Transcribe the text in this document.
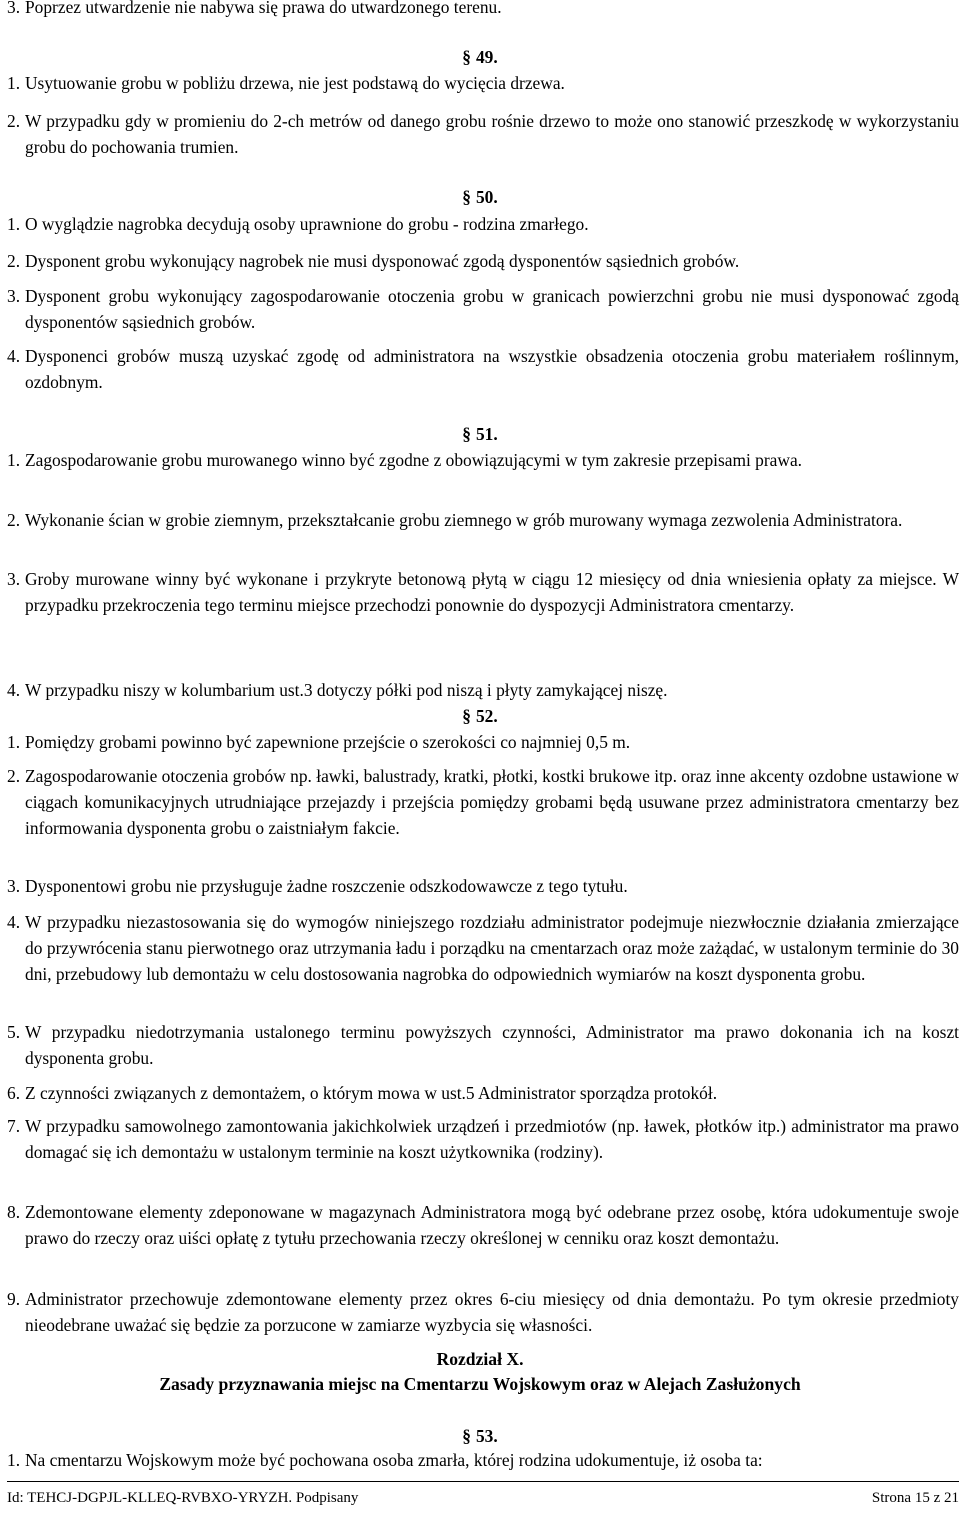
3. Poprzez utwardzenie nie nabywa się prawa do utwardzonego terenu.
§ 49.
1. Usytuowanie grobu w pobliżu drzewa, nie jest podstawą do wycięcia drzewa.
2. W przypadku gdy w promieniu do 2-ch metrów od danego grobu rośnie drzewo to może ono stanowić przeszkodę w wykorzystaniu grobu do pochowania trumien.
§ 50.
1. O wyglądzie nagrobka decydują osoby uprawnione do grobu - rodzina zmarłego.
2. Dysponent grobu wykonujący nagrobek nie musi dysponować zgodą dysponentów sąsiednich grobów.
3. Dysponent grobu wykonujący zagospodarowanie otoczenia grobu w granicach powierzchni grobu nie musi dysponować zgodą dysponentów sąsiednich grobów.
4. Dysponenci grobów muszą uzyskać zgodę od administratora na wszystkie obsadzenia otoczenia grobu materiałem roślinnym, ozdobnym.
§ 51.
1. Zagospodarowanie grobu murowanego winno być zgodne z obowiązującymi w tym zakresie przepisami prawa.
2. Wykonanie ścian w grobie ziemnym, przekształcanie grobu ziemnego w grób murowany wymaga zezwolenia Administratora.
3. Groby murowane winny być wykonane i przykryte betonową płytą w ciągu 12 miesięcy od dnia wniesienia opłaty za miejsce. W przypadku przekroczenia tego terminu miejsce przechodzi ponownie do dyspozycji Administratora cmentarzy.
4. W przypadku niszy w kolumbarium ust.3 dotyczy półki pod niszą i płyty zamykającej niszę.
§ 52.
1. Pomiędzy grobami powinno być zapewnione przejście o szerokości co najmniej 0,5 m.
2. Zagospodarowanie otoczenia grobów np. ławki, balustrady, kratki, płotki, kostki brukowe itp. oraz inne akcenty ozdobne ustawione w ciągach komunikacyjnych utrudniające przejazdy i przejścia pomiędzy grobami będą usuwane przez administratora cmentarzy bez informowania dysponenta grobu o zaistniałym fakcie.
3. Dysponentowi grobu nie przysługuje żadne roszczenie odszkodowawcze z tego tytułu.
4. W przypadku niezastosowania się do wymogów niniejszego rozdziału administrator podejmuje niezwłocznie działania zmierzające do przywrócenia stanu pierwotnego oraz utrzymania ładu i porządku na cmentarzach oraz może zażądać, w ustalonym terminie do 30 dni, przebudowy lub demontażu w celu dostosowania nagrobka do odpowiednich wymiarów na koszt dysponenta grobu.
5. W przypadku niedotrzymania ustalonego terminu powyższych czynności, Administrator ma prawo dokonania ich na koszt dysponenta grobu.
6. Z czynności związanych z demontażem, o którym mowa w ust.5 Administrator sporządza protokół.
7. W przypadku samowolnego zamontowania jakichkolwiek urządzeń i przedmiotów (np. ławek, płotków itp.) administrator ma prawo domagać się ich demontażu w ustalonym terminie na koszt użytkownika (rodziny).
8. Zdemontowane elementy zdeponowane w magazynach Administratora mogą być odebrane przez osobę, która udokumentuje swoje prawo do rzeczy oraz uiści opłatę z tytułu przechowania rzeczy określonej w cenniku oraz koszt demontażu.
9. Administrator przechowuje zdemontowane elementy przez okres 6-ciu miesięcy od dnia demontażu. Po tym okresie przedmioty nieodebrane uważać się będzie za porzucone w zamiarze wyzbycia się własności.
Rozdział X.
Zasady przyznawania miejsc na Cmentarzu Wojskowym oraz w Alejach Zasłużonych
§ 53.
1. Na cmentarzu Wojskowym może być pochowana osoba zmarła, której rodzina udokumentuje, iż osoba ta:
Id: TEHCJ-DGPJL-KLLEQ-RVBXO-YRYZH. Podpisany	Strona 15 z 21
